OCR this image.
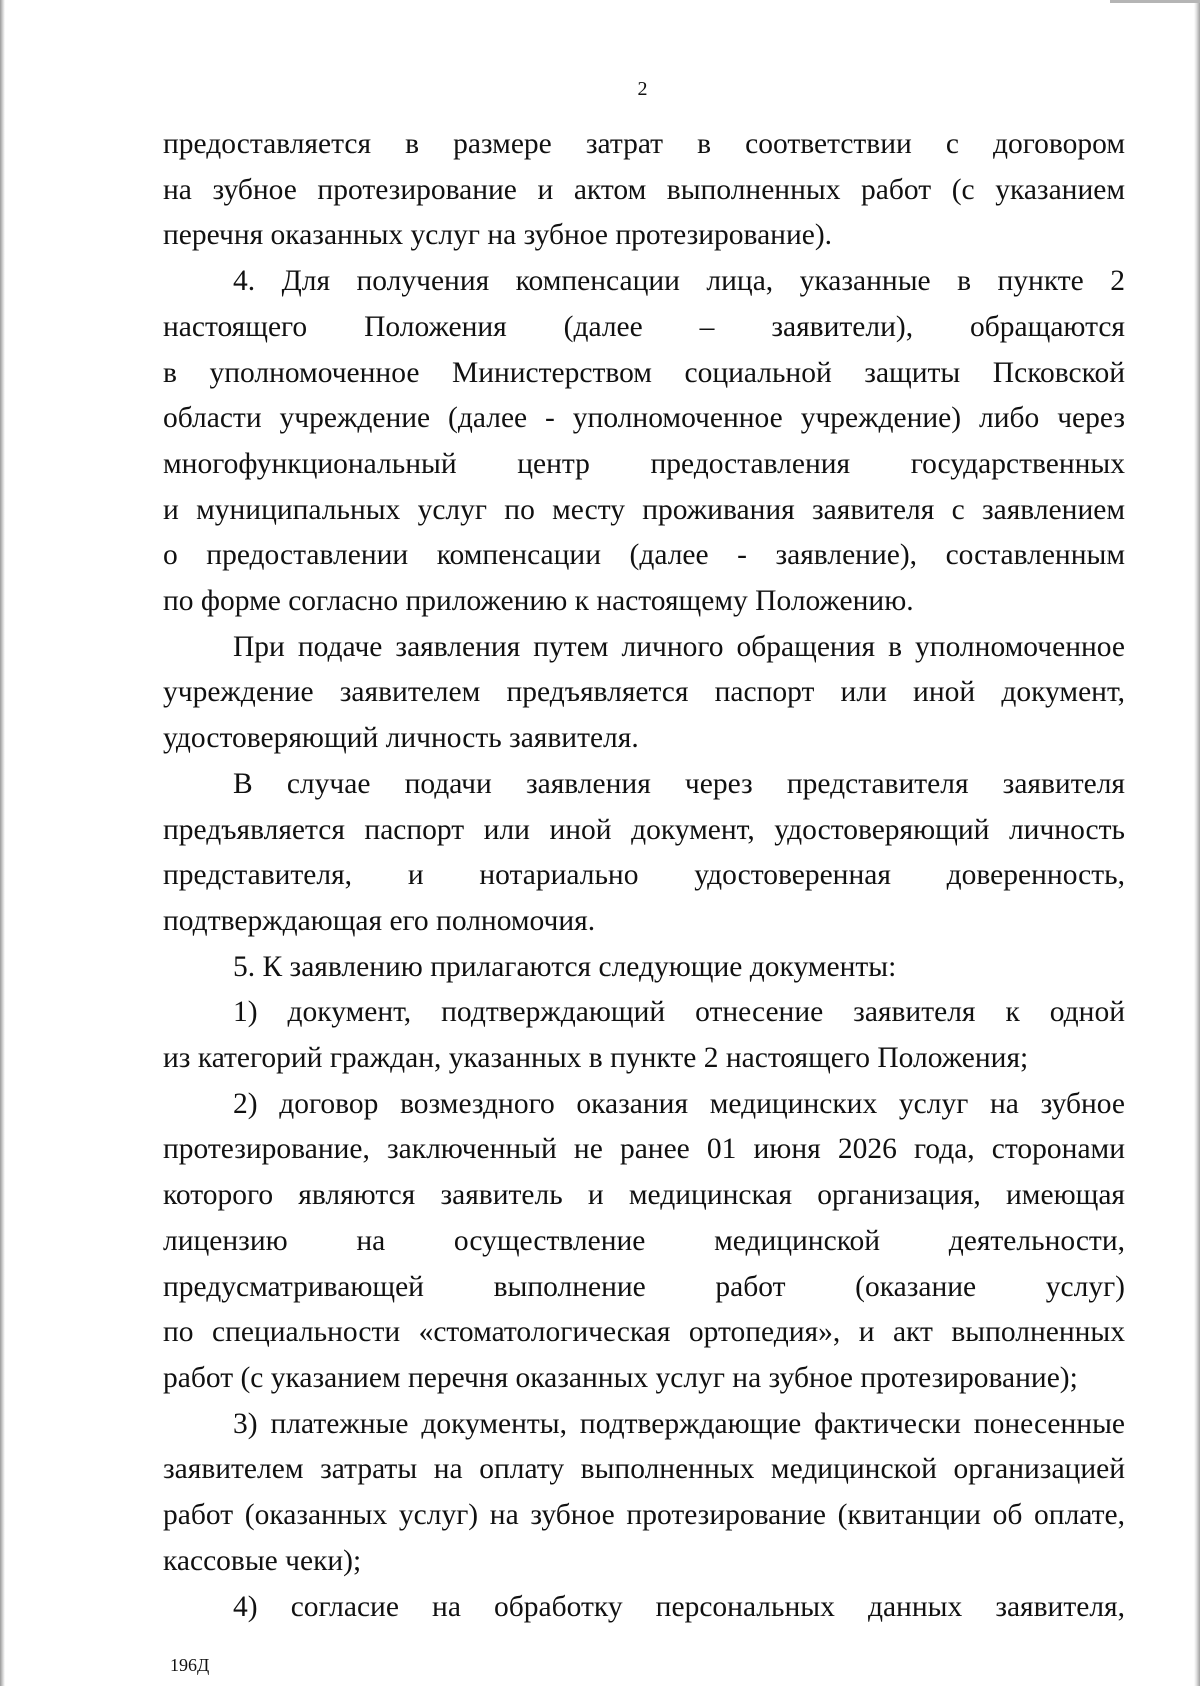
2
предоставляется в размере затрат в соответствии с договором
на зубное протезирование и актом выполненных работ (с указанием
перечня оказанных услуг на зубное протезирование).
4. Для получения компенсации лица, указанные в пункте 2
настоящего Положения (далее – заявители), обращаются
в уполномоченное Министерством социальной защиты Псковской
области учреждение (далее - уполномоченное учреждение) либо через
многофункциональный центр предоставления государственных
и муниципальных услуг по месту проживания заявителя с заявлением
о предоставлении компенсации (далее - заявление), составленным
по форме согласно приложению к настоящему Положению.
При подаче заявления путем личного обращения в уполномоченное
учреждение заявителем предъявляется паспорт или иной документ,
удостоверяющий личность заявителя.
В случае подачи заявления через представителя заявителя
предъявляется паспорт или иной документ, удостоверяющий личность
представителя, и нотариально удостоверенная доверенность,
подтверждающая его полномочия.
5. К заявлению прилагаются следующие документы:
1) документ, подтверждающий отнесение заявителя к одной
из категорий граждан, указанных в пункте 2 настоящего Положения;
2) договор возмездного оказания медицинских услуг на зубное
протезирование, заключенный не ранее 01 июня 2026 года, сторонами
которого являются заявитель и медицинская организация, имеющая
лицензию на осуществление медицинской деятельности,
предусматривающей выполнение работ (оказание услуг)
по специальности «стоматологическая ортопедия», и акт выполненных
работ (с указанием перечня оказанных услуг на зубное протезирование);
3) платежные документы, подтверждающие фактически понесенные
заявителем затраты на оплату выполненных медицинской организацией
работ (оказанных услуг) на зубное протезирование (квитанции об оплате,
кассовые чеки);
4) согласие на обработку персональных данных заявителя,
196Д
